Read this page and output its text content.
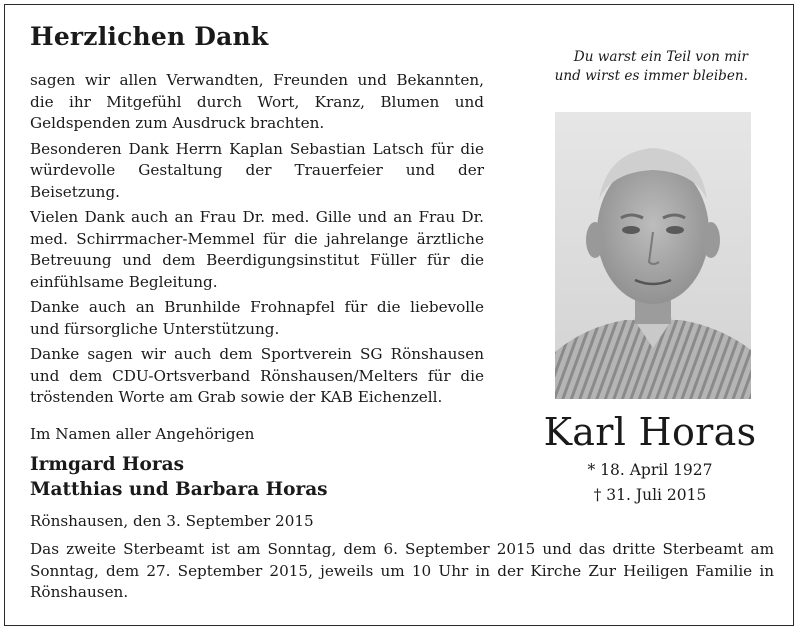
Herzlichen Dank

sagen wir allen Verwandten, Freunden und Bekannten, die ihr Mitgefühl durch Wort, Kranz, Blumen und Geldspenden zum Ausdruck brachten.

Besonderen Dank Herrn Kaplan Sebastian Latsch für die würdevolle Gestaltung der Trauerfeier und der Beisetzung.

Vielen Dank auch an Frau Dr. med. Gille und an Frau Dr. med. Schirrmacher-Memmel für die jahrelange ärztliche Betreuung und dem Beerdigungsinstitut Füller für die einfühlsame Begleitung.

Danke auch an Brunhilde Frohnapfel für die liebevolle und fürsorgliche Unterstützung.

Danke sagen wir auch dem Sportverein SG Rönshausen und dem CDU-Ortsverband Rönshausen/Melters für die tröstenden Worte am Grab sowie der KAB Eichenzell.

Du warst ein Teil von mir
und wirst es immer bleiben.
Karl Horas
* 18. April 1927
† 31. Juli 2015
Im Namen aller Angehörigen
Irmgard Horas
Matthias und Barbara Horas
Rönshausen, den 3. September 2015

Das zweite Sterbeamt ist am Sonntag, dem 6. September 2015 und das dritte Sterbeamt am Sonntag, dem 27. September 2015, jeweils um 10 Uhr in der Kirche Zur Heiligen Familie in Rönshausen.
